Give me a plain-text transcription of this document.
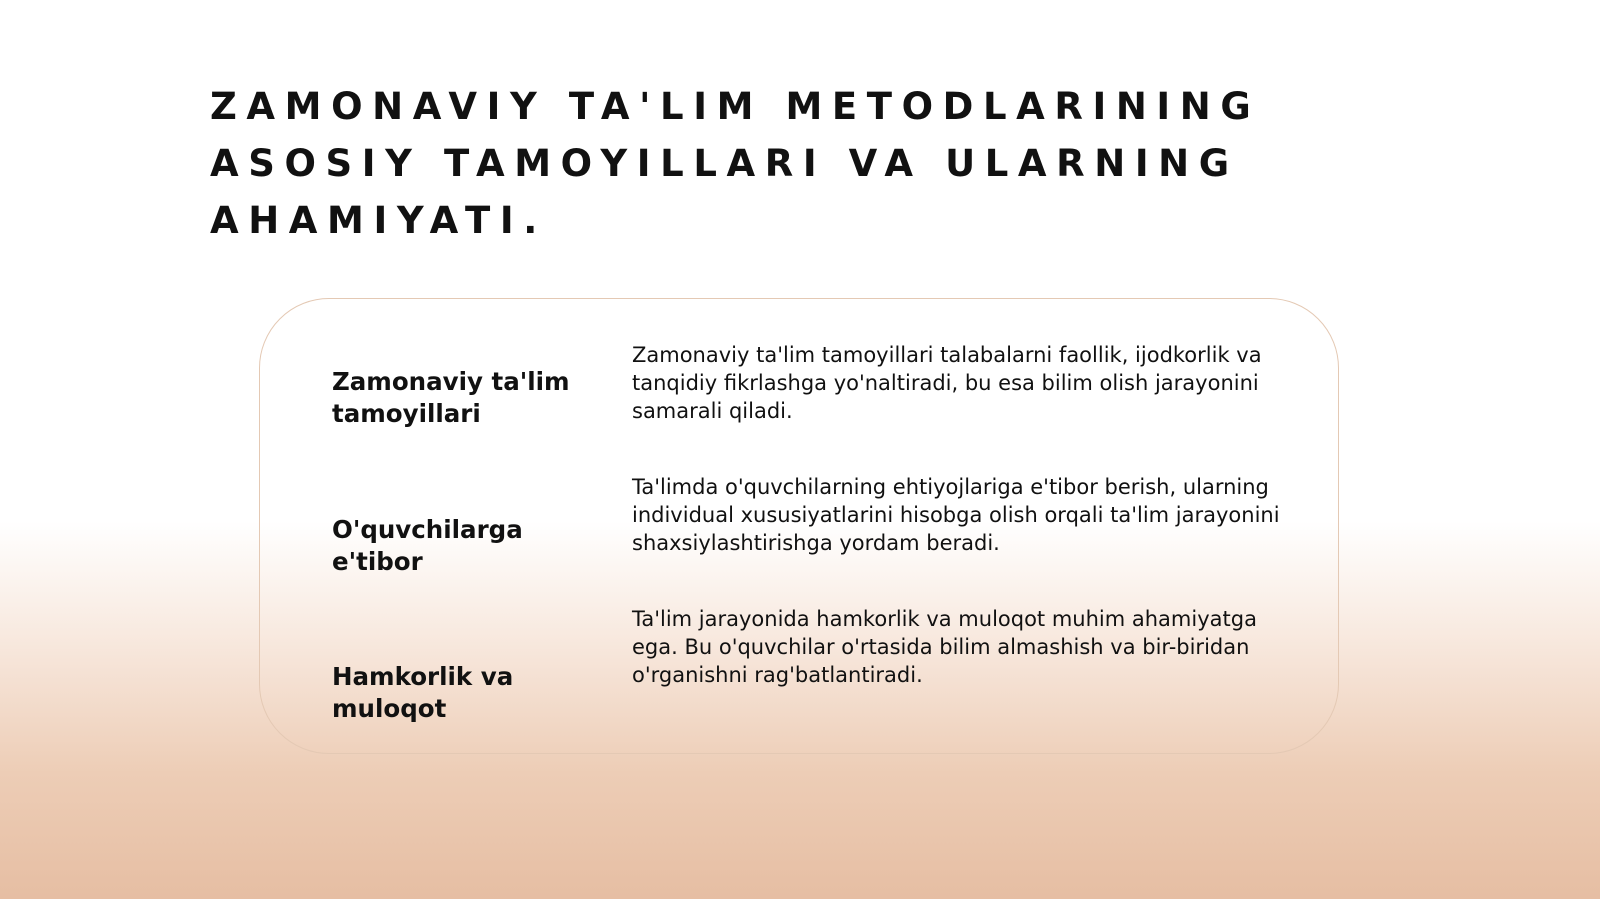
ZAMONAVIY TA'LIM METODLARINING ASOSIY TAMOYILLARI VA ULARNING AHAMIYATI.
Zamonaviy ta'lim tamoyillari
Zamonaviy ta'lim tamoyillari talabalarni faollik, ijodkorlik va tanqidiy fikrlashga yo'naltiradi, bu esa bilim olish jarayonini samarali qiladi.
O'quvchilarga e'tibor
Ta'limda o'quvchilarning ehtiyojlariga e'tibor berish, ularning individual xususiyatlarini hisobga olish orqali ta'lim jarayonini shaxsiylashtirishga yordam beradi.
Hamkorlik va muloqot
Ta'lim jarayonida hamkorlik va muloqot muhim ahamiyatga ega. Bu o'quvchilar o'rtasida bilim almashish va bir-biridan o'rganishni rag'batlantiradi.
